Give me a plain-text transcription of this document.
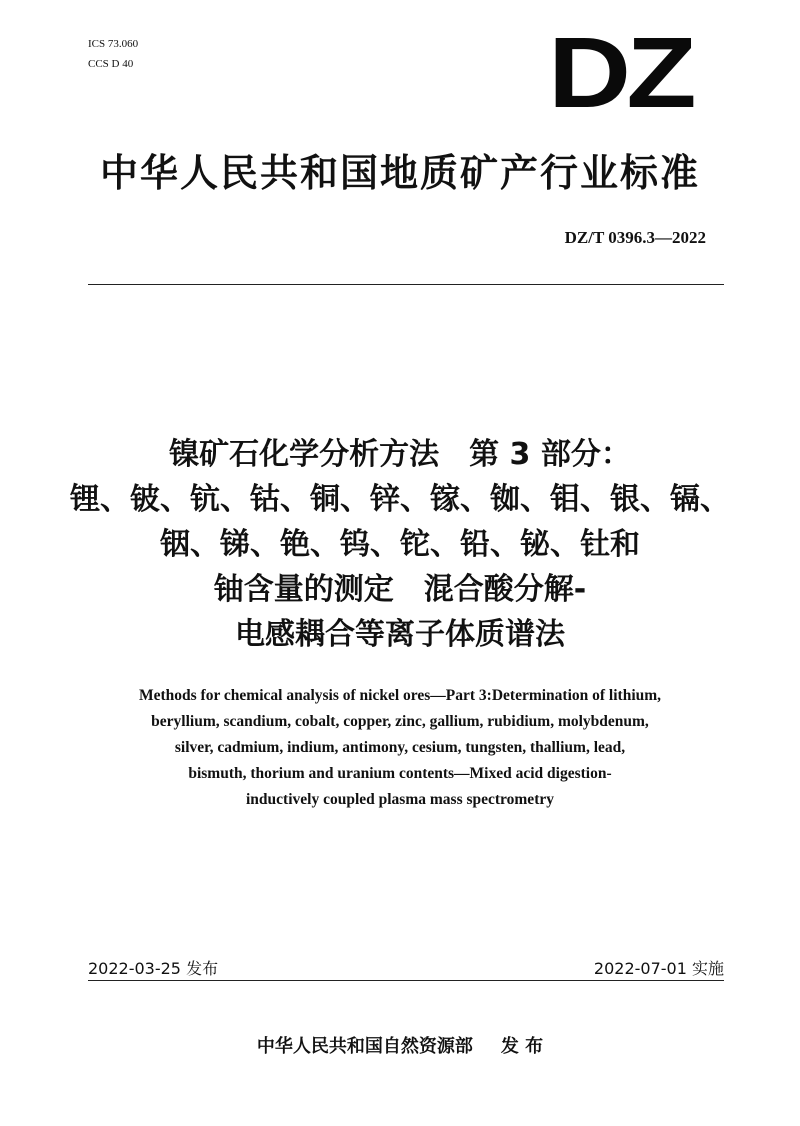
ICS 73.060
CCS D 40	DZ
中华人民共和国地质矿产行业标准
DZ/T 0396.3—2022
镍矿石化学分析方法　第 3 部分：
锂、铍、钪、钴、铜、锌、镓、铷、钼、银、镉、
铟、锑、铯、钨、铊、铅、铋、钍和
铀含量的测定　混合酸分解-
电感耦合等离子体质谱法
Methods for chemical analysis of nickel ores—Part 3:Determination of lithium,
beryllium, scandium, cobalt, copper, zinc, gallium, rubidium, molybdenum,
silver, cadmium, indium, antimony, cesium, tungsten, thallium, lead,
bismuth, thorium and uranium contents—Mixed acid digestion-
inductively coupled plasma mass spectrometry
2022-03-25 发布	2022-07-01 实施
中华人民共和国自然资源部 发 布
